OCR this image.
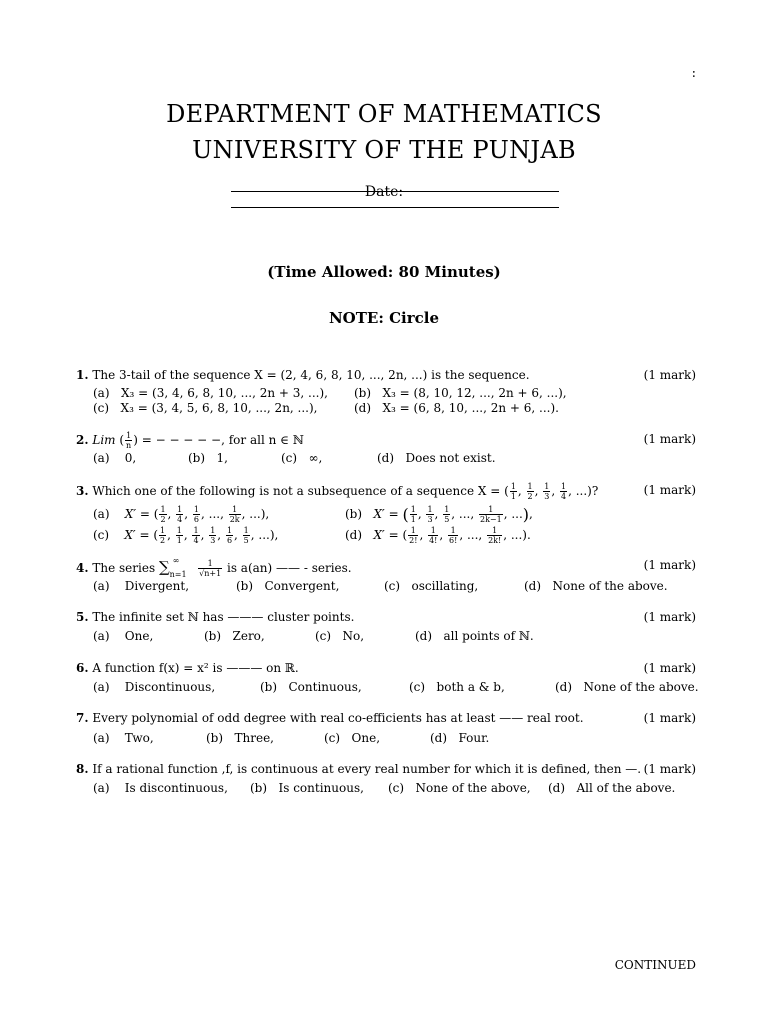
:
DEPARTMENT OF MATHEMATICS
UNIVERSITY OF THE PUNJAB
Date:
(Time Allowed: 80 Minutes)
NOTE: Circle
1. The 3-tail of the sequence X = (2, 4, 6, 8, 10, ..., 2n, ...) is the sequence.	(1 mark)
(a) X₃ = (3, 4, 6, 8, 10, ..., 2n + 3, ...), (b) X₃ = (8, 10, 12, ..., 2n + 6, ...),
(c) X₃ = (3, 4, 5, 6, 8, 10, ..., 2n, ...),	(d) X₃ = (6, 8, 10, ..., 2n + 6, ...).
2. Lim ( $\frac{1}{n}$ ) = − − − − −, for all n ∈ ℕ	(1 mark)
(a) 0,	(b) 1,	(c) ∞,	(d) Does not exist.
3. Which one of the following is not a subsequence of a sequence X = ( $\frac{1}{1}$ , $\frac{1}{2}$ , $\frac{1}{3}$ , $\frac{1}{4}$ , ...)?	(1 mark)
(a) X′ = ( $\frac{1}{2}$ , $\frac{1}{4}$ , $\frac{1}{6}$ , ..., $\frac{1}{2k}$ , ...),	(b) X′ = ( $\frac{1}{1}$ , $\frac{1}{3}$ , $\frac{1}{5}$ , ..., $\frac{1}{2k-1}$ , ...),
(c) X′ = ( $\frac{1}{2}$ , $\frac{1}{1}$ , $\frac{1}{4}$ , $\frac{1}{3}$ , $\frac{1}{6}$ , $\frac{1}{5}$ , ...),	(d) X′ = ( $\frac{1}{2!}$ , $\frac{1}{4!}$ , $\frac{1}{6!}$ , ..., $\frac{1}{2k!}$ , ...).
4. The series $\sum_{n=1}^\infty \frac{1}{√n+1}$ is a(an) —— - series.	(1 mark)
(a) Divergent,	(b) Convergent,	(c) oscillating,	(d) None of the above.
5. The infinite set ℕ has ——— cluster points.	(1 mark)
(a) One,	(b) Zero,	(c) No,	(d) all points of ℕ.
6. A function f(x) = x² is ——— on ℝ.	(1 mark)
(a) Discontinuous,	(b) Continuous,	(c) both a & b,	(d) None of the above.
7. Every polynomial of odd degree with real co-efficients has at least —— real root.	(1 mark)
(a) Two,	(b) Three,	(c) One,	(d) Four.
8. If a rational function ,f, is continuous at every real number for which it is defined, then —. (1 mark)
(a) Is discontinuous, (b) Is continuous, (c) None of the above, (d) All of the above.
CONTINUED
